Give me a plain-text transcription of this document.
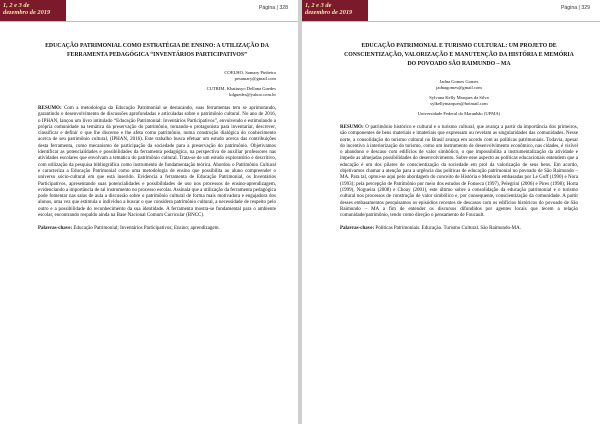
1, 2 e 3 de
dezembro de 2019
Página | 328
EDUCAÇÃO PATRIMONIAL COMO ESTRATÉGIA DE ENSINO: A UTILIZAÇÃO DA FERRAMENTA PEDAGÓGICA “INVENTÁRIOS PARTICIPATIVOS”
COELHO, Samary Pinheiro
pesamary@gmail.com
CUTRIM, Khatiusyo Dellana Guedes
kdguedes@yahoo.com.br
RESUMO: Com a metodologia da Educação Patrimonial se destacando, suas ferramentas tem se aprimorando, garantindo o desenvolvimento de discussões aprofundadas e articuladas sobre o patrimônio cultural. No ano de 2016, o IPHAN, lançou um livro intitulado “Educação Patrimonial: Inventários Participativos”, envolvendo e estimulando a própria comunidade na temática da preservação do patrimônio, tornando-o protagonista para inventariar, descrever, classificar e definir o que lhe discerne e lhe afeta como patrimônio, numa construção dialógica do conhecimento acerca de seu patrimônio cultural, (IPHAN, 2016). Este trabalho busca efetuar um estudo acerca das contribuições desta ferramenta, como mecanismo de participação da sociedade para a preservação do patrimônio. Objetivamos identificar as potencialidades e possibilidades da ferramenta pedagógica, na perspectiva de auxiliar professores nas atividades escolares que envolvam a temática do patrimônio cultural. Trata-se de um estudo exploratório e descritivo, com utilização da pesquisa bibliográfica como instrumento de fundamentação teórica. Abordou o Patrimônio Cultural e caracteriza a Educação Patrimonial como uma metodologia de ensino que possibilita ao aluno compreender o universo sócio-cultural em que está inserido. Evidencia a ferramenta de Educação Patrimonial, os Inventários Participativos, apresentando suas potencialidades e possibilidades de uso nos processos de ensino-aprendizagem, evidenciando a importância de tal instrumento no processo escolar. Assinala que a utilização da ferramenta pedagógica pode fomentar nas salas de aula a discussão sobre o patrimônio cultural de forma mais motivadora e engajadora dos alunos, uma vez que estimula o indivíduo a buscar o que considera patrimônio cultural, a necessidade de respeito pelo outro e a possibilidade do reconhecimento da sua identidade. A ferramenta mostra-se fundamental para o ambiente escolar, encontrando respaldo ainda na Base Nacional Comum Curricular (BNCC).
Palavras-chave: Educação Patrimonial; Inventários Participativos; Ensino; aprendizagem.
1, 2 e 3 de
dezembro de 2019
Página | 329
EDUCAÇÃO PATRIMONIAL E TURISMO CULTURAL: UM PROJETO DE CONSCIENTIZAÇÃO, VALORIZAÇÃO E MANUTENÇÃO DA HISTÓRIA E MEMÓRIA DO POVOADO SÃO RAIMUNDO – MA
Jadna Gomes Gomes
jadnagomes@gmail.com
Sylvana Kelly Marques da Silva
sylkellymarques@hotmail.com
Universidade Federal do Maranhão (UFMA)
RESUMO: O patrimônio histórico e cultural e o turismo cultural, que avança a partir da importância dos primeiros, são componentes de bens materiais e imateriais que expressam ou revelam as singularidades das comunidades. Nesse norte, a consolidação do turismo cultural no Brasil avança em acordo com as políticas patrimoniais. Todavia, apesar do incentivo à interiorização do turismo, como um instrumento de desenvolvimento econômico, nas cidades, é visível o abandono e descaso com edifícios de valor simbólico, o que impossibilita a instrumentalização da atividade e impede as almejadas possibilidades do desenvolvimento. Sobre esse aspecto as políticas educacionais entendem que a educação é um dos pilares de conscientização da sociedade em prol da valorização de seus bens. Em acordo, objetivamos chamar a atenção para a urgência das políticas de educação patrimonial no povoado de São Raimundo – MA. Para tal, optou-se aqui pelo abordagem do conceito de História e Memória embasadas por Le Goff (1990) e Nora (1993); pela percepção de Patrimônio por meio dos estudos de Fonseca (1997), Pelegrini (2006) e Pires (1998); Horta (1999), Nogueira (2008) e Choay (2001), este último sobre a consolidação da educação patrimonial e o turismo cultural nos processos de construção de valor simbólico e, por consequente, conscientização da comunidade. A partir desses embasamentos pesquisamos os episódios recentes de descasos com os edifícios históricos do povoado de São Raimundo – MA a fim de entender os discursos difundidos por agentes locais que tecem a relação comunidade/patrimônio, tendo como direção o pensamento de Foucault.
Palavras-chave: Políticas Patrimoniais. Educação. Turismo Cultural. São Raimundo-MA.
